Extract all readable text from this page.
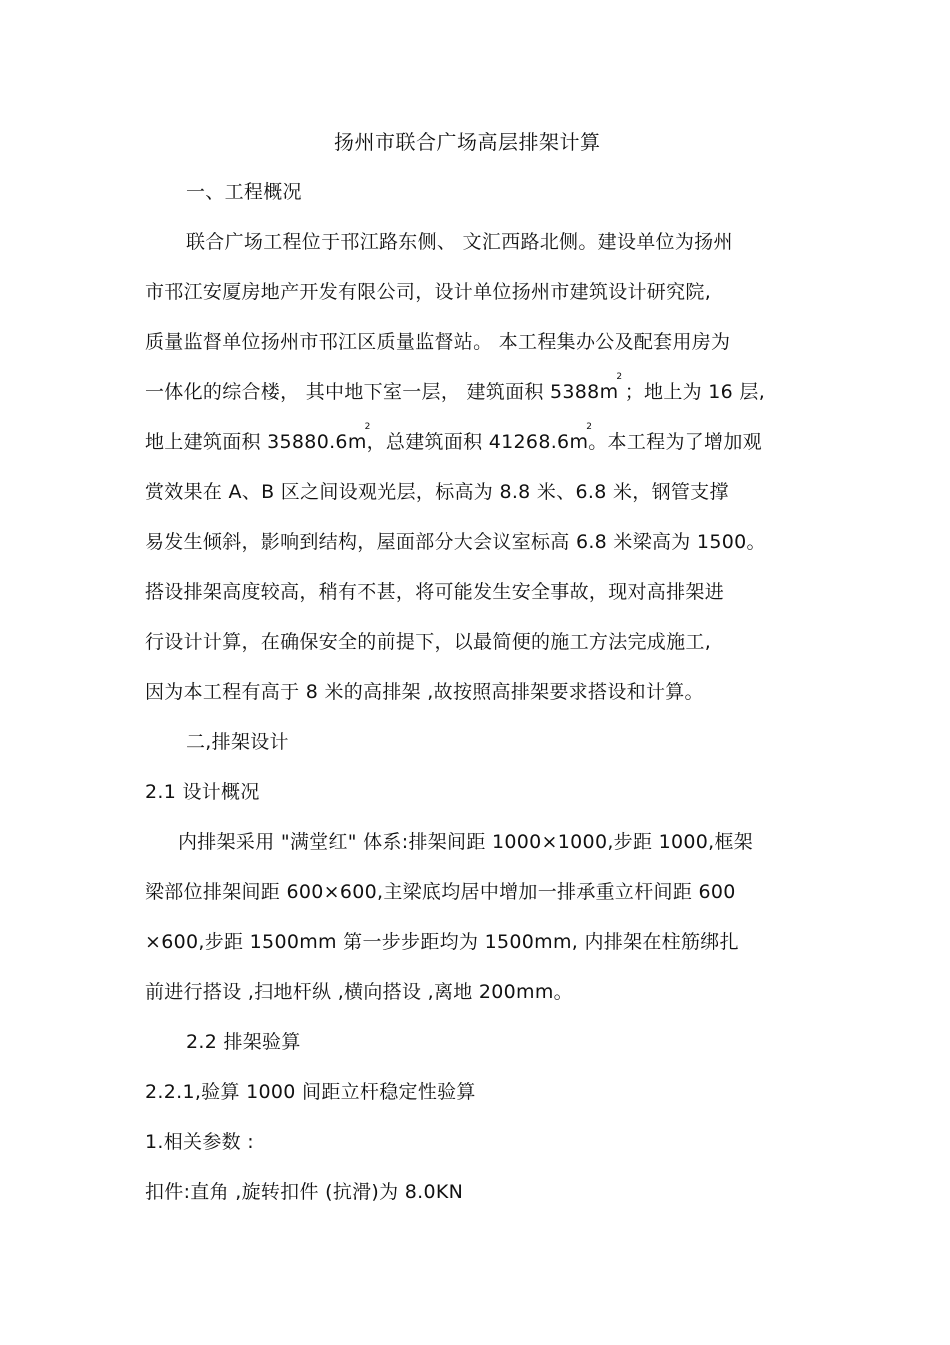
扬州市联合广场高层排架计算

一、工程概况

联合广场工程位于邗江路东侧、 文汇西路北侧。建设单位为扬州

市邗江安厦房地产开发有限公司，设计单位扬州市建筑设计研究院,

质量监督单位扬州市邗江区质量监督站。 本工程集办公及配套用房为

一体化的综合楼， 其中地下室一层， 建筑面积 5388m
2
；地上为 16 层,

地上建筑面积 35880.6m
2
，总建筑面积 41268.6m
2
。本工程为了增加观

赏效果在 A、B 区之间设观光层，标高为 8.8 米、6.8 米，钢管支撑

易发生倾斜，影响到结构，屋面部分大会议室标高 6.8 米梁高为 1500。

搭设排架高度较高，稍有不甚，将可能发生安全事故，现对高排架进

行设计计算，在确保安全的前提下，以最简便的施工方法完成施工,

因为本工程有高于 8 米的高排架 ,故按照高排架要求搭设和计算。

二,排架设计

2.1 设计概况

内排架采用 "满堂红" 体系:排架间距 1000×1000,步距 1000,框架

梁部位排架间距 600×600,主梁底均居中增加一排承重立杆间距 600

×600,步距 1500mm 第一步步距均为 1500mm, 内排架在柱筋绑扎

前进行搭设 ,扫地杆纵 ,横向搭设 ,离地 200mm。

2.2 排架验算

2.2.1,验算 1000 间距立杆稳定性验算

1.相关参数 :

扣件:直角 ,旋转扣件 (抗滑)为 8.0KN
